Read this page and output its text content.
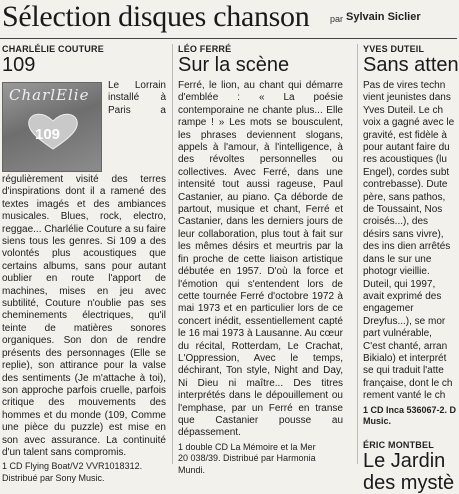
Sélection disques chanson par Sylvain Siclier
CHARLÉLIE COUTURE
109
CharlElie
109

Le Lorrain installé à Paris a régulièrement visité des terres d'inspirations dont il a ramené des textes imagés et des ambiances musicales. Blues, rock, electro, reggae... Charlélie Couture a su faire siens tous les genres. Si 109 a des volontés plus acoustiques que certains albums, sans pour autant oublier en route l'apport de machines, mises en jeu avec subtilité, Couture n'oublie pas ses cheminements électriques, qu'il teinte de matières sonores organiques. Son don de rendre présents des personnages (Elle se replie), son attirance pour la valse des sentiments (Je m'attache à toi), son approche parfois cruelle, parfois critique des mouvements des hommes et du monde (109, Comme une pièce du puzzle) est mise en son avec assurance. La continuité d'un talent sans compromis.

1 CD Flying Boat/V2 VVR1018312.
Distribué par Sony Music.
LÉO FERRÉ
Sur la scène

Ferré, le lion, au chant qui démarre d'emblée : « La poésie contemporaine ne chante plus... Elle rampe ! » Les mots se bousculent, les phrases deviennent slogans, appels à l'amour, à l'intelligence, à des révoltes personnelles ou collectives. Avec Ferré, dans une intensité tout aussi rageuse, Paul Castanier, au piano. Ça déborde de partout, musique et chant, Ferré et Castanier, dans les derniers jours de leur collaboration, plus tout à fait sur les mêmes désirs et meurtris par la fin proche de cette liaison artistique débutée en 1957. D'où la force et l'émotion qui s'entendent lors de cette tournée Ferré d'octobre 1972 à mai 1973 et en particulier lors de ce concert inédit, essentiellement capté le 16 mai 1973 à Lausanne. Au cœur du récital, Rotterdam, Le Crachat, L'Oppression, Avec le temps, déchirant, Ton style, Night and Day, Ni Dieu ni maître... Des titres interprétés dans le dépouillement ou l'emphase, par un Ferré en transe que Castanier pousse au dépassement.

1 double CD La Mémoire et la Mer
20 038/39. Distribué par Harmonia
Mundi.
YVES DUTEIL
Sans atten

Pas de vires techn vient jeunistes dans Yves Duteil. Le ch voix a gagné avec le gravité, est fidèle à pour autant faire du res acoustiques (lu Engel), cordes subt contrebasse). Dute père, sans pathos, de Toussaint, Nos croisés...), des désirs sans vivre), des ins dien arrêtés dans le sur une photogr vieillie. Duteil, qui 1997, avait exprimé des engagemer Dreyfus...), se mor part vulnérable, C'est chanté, arran Bikialo) et interprét se qui traduit l'atte française, dont le ch rement vanté le ch

1 CD Inca 536067-2. D
Music.
ÉRIC MONTBEL
Le Jardin
des mystè
